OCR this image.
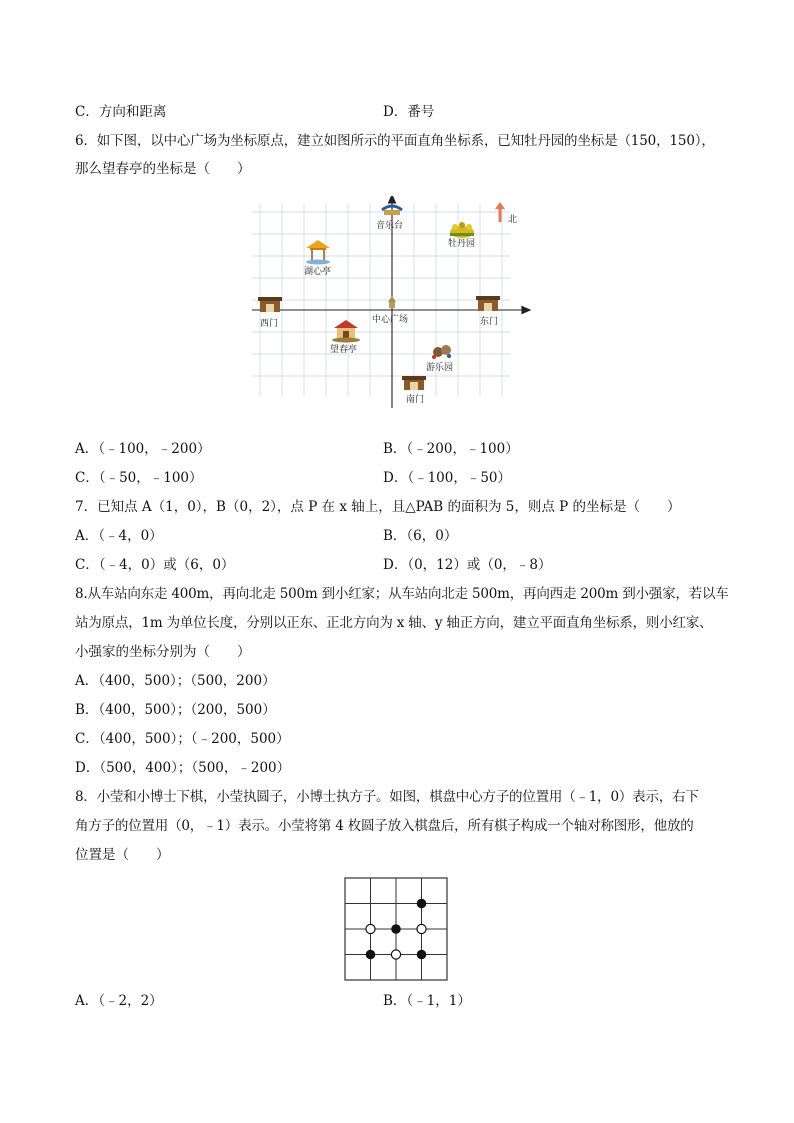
C．方向和距离	D．番号
6．如下图，以中心广场为坐标原点，建立如图所示的平面直角坐标系，已知牡丹园的坐标是（150，150），
那么望春亭的坐标是（　　）
北
音乐台
牡丹园
湖心亭
西门	中心广场	东门
望春亭
游乐园
南门
A．（﹣100，﹣200）	B．（﹣200，﹣100）
C．（﹣50，﹣100）	D．（﹣100，﹣50）
7．已知点 A（1，0），B（0，2），点 P 在 x 轴上，且△PAB 的面积为 5，则点 P 的坐标是（　　）
A．（﹣4，0）	B．（6，0）
C．（﹣4，0）或（6，0）	D．（0，12）或（0，﹣8）
8.从车站向东走 400m，再向北走 500m 到小红家；从车站向北走 500m，再向西走 200m 到小强家，若以车
站为原点，1m 为单位长度，分别以正东、正北方向为 x 轴、y 轴正方向，建立平面直角坐标系，则小红家、
小强家的坐标分别为（　　）
A．（400，500）；（500，200）
B．（400，500）；（200，500）
C．（400，500）；（﹣200，500）
D．（500，400）；（500，﹣200）
8．小莹和小博士下棋，小莹执圆子，小博士执方子。如图，棋盘中心方子的位置用（﹣1，0）表示，右下
角方子的位置用（0，﹣1）表示。小莹将第 4 枚圆子放入棋盘后，所有棋子构成一个轴对称图形，他放的
位置是（　　）
A．（﹣2，2）	B．（﹣1，1）
